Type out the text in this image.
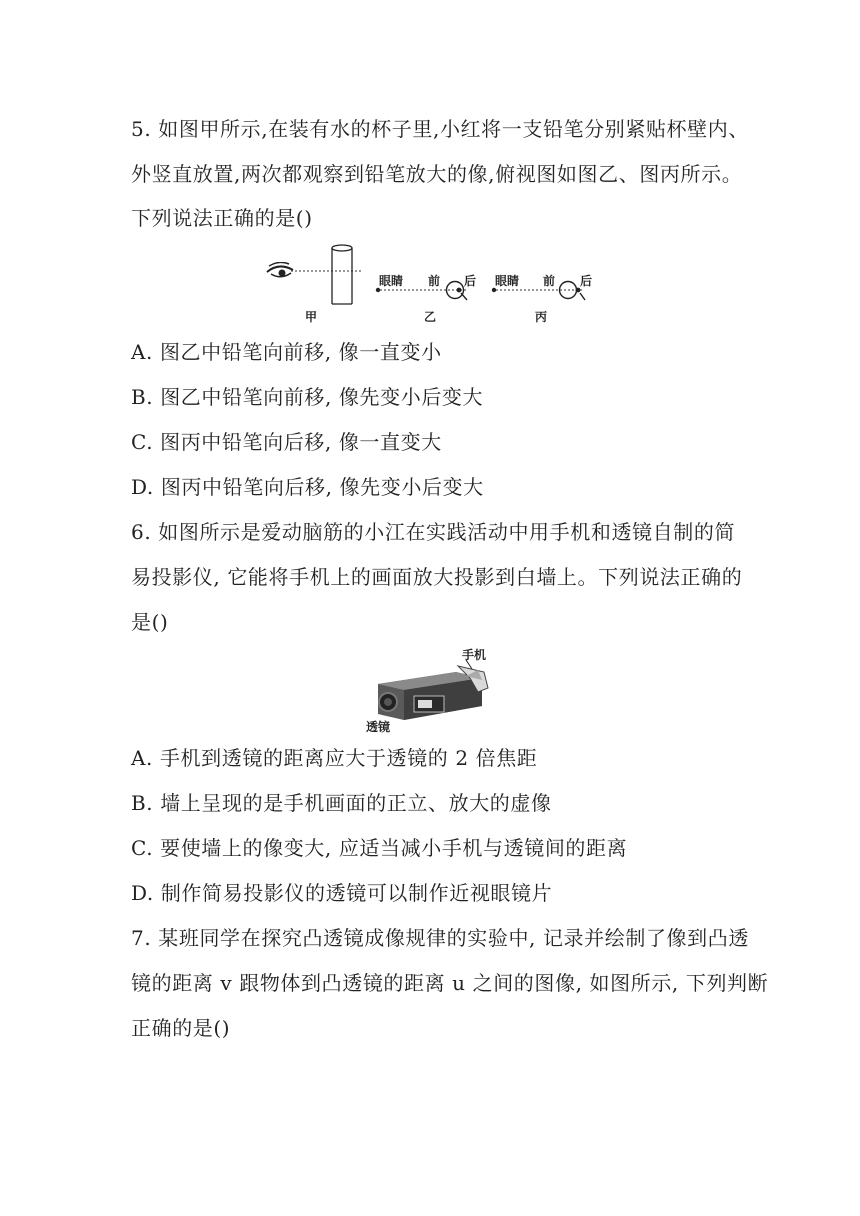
5. 如图甲所示,在装有水的杯子里,小红将一支铅笔分别紧贴杯壁内、

外竖直放置,两次都观察到铅笔放大的像,俯视图如图乙、图丙所示。

下列说法正确的是()

甲
眼睛 前 后
乙
眼睛 前 后
丙

A. 图乙中铅笔向前移, 像一直变小

B. 图乙中铅笔向前移, 像先变小后变大

C. 图丙中铅笔向后移, 像一直变大

D. 图丙中铅笔向后移, 像先变小后变大

6. 如图所示是爱动脑筋的小江在实践活动中用手机和透镜自制的简

易投影仪, 它能将手机上的画面放大投影到白墙上。下列说法正确的

是()

手机
透镜

A. 手机到透镜的距离应大于透镜的 2 倍焦距

B. 墙上呈现的是手机画面的正立、放大的虚像

C. 要使墙上的像变大, 应适当减小手机与透镜间的距离

D. 制作简易投影仪的透镜可以制作近视眼镜片

7. 某班同学在探究凸透镜成像规律的实验中, 记录并绘制了像到凸透

镜的距离 v 跟物体到凸透镜的距离 u 之间的图像, 如图所示, 下列判断

正确的是()
